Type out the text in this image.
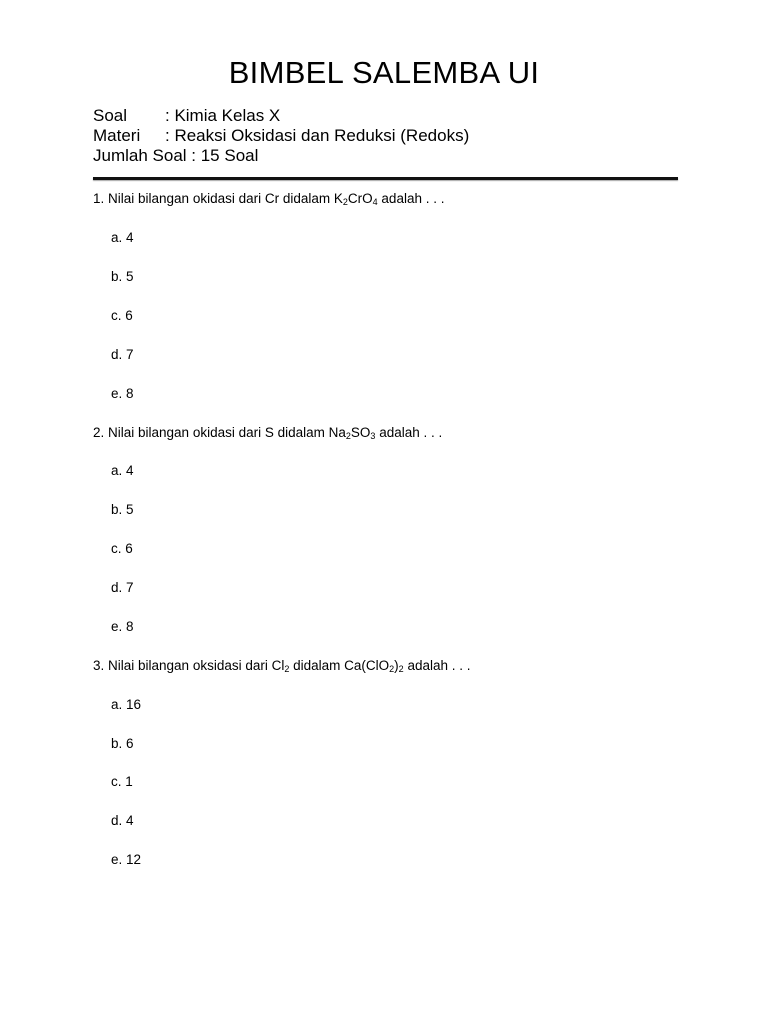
BIMBEL SALEMBA UI
Soal	: Kimia Kelas X
Materi	: Reaksi Oksidasi dan Reduksi (Redoks)
Jumlah Soal : 15 Soal
1. Nilai bilangan okidasi dari Cr didalam $K_2CrO_4$ adalah . . .
a. 4
b. 5
c. 6
d. 7
e. 8
2. Nilai bilangan okidasi dari S didalam $Na_2SO_3$ adalah . . .
a. 4
b. 5
c. 6
d. 7
e. 8
3. Nilai bilangan oksidasi dari $Cl_2$ didalam $Ca(ClO_2)_2$ adalah . . .
a. 16
b. 6
c. 1
d. 4
e. 12
